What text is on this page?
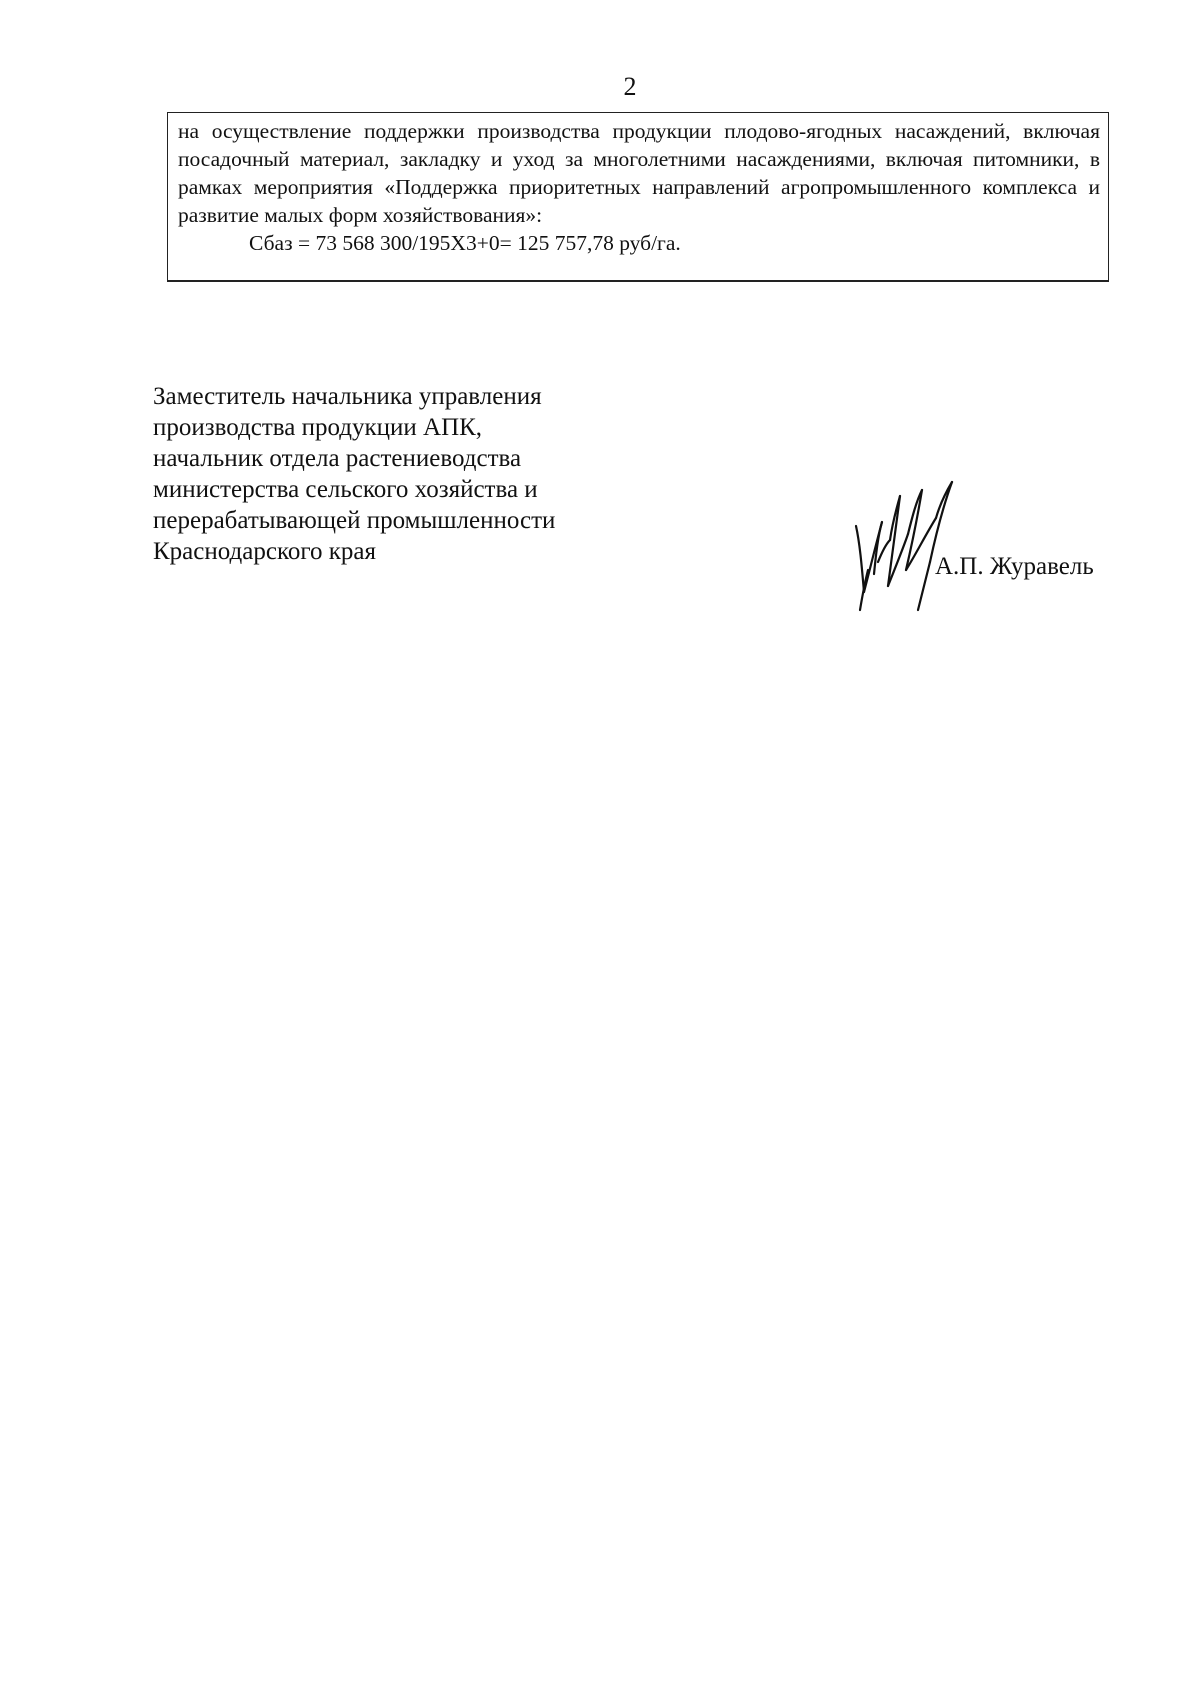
2
на осуществление поддержки производства продукции плодово-ягодных насаждений, включая посадочный материал, закладку и уход за многолетними насаждениями, включая питомники, в рамках мероприятия «Поддержка приоритетных направлений агропромышленного комплекса и развитие малых форм хозяйствования»:
Сбаз = 73 568 300/195Х3+0= 125 757,78 руб/га.
Заместитель начальника управления
производства продукции АПК,
начальник отдела растениеводства
министерства сельского хозяйства и
перерабатывающей промышленности
Краснодарского края
А.П. Журавель
